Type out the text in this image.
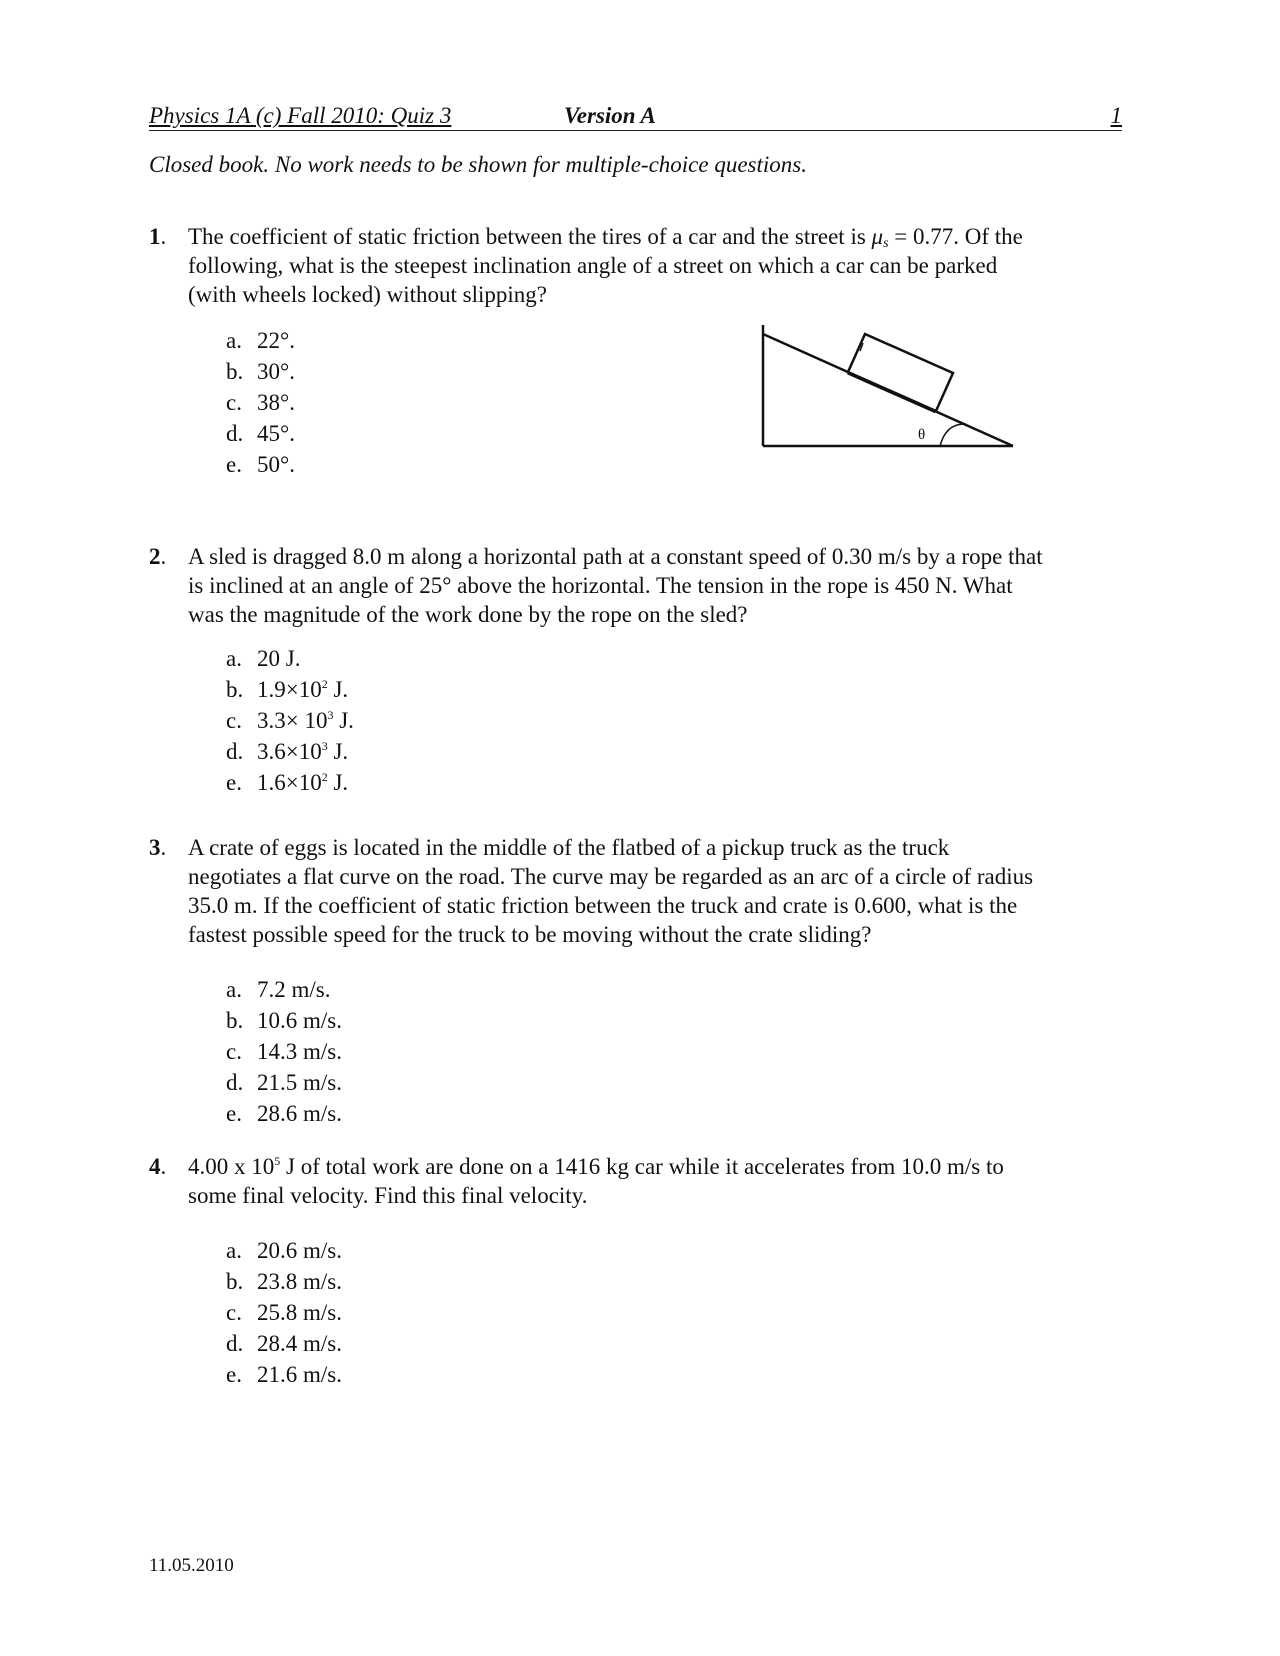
Physics 1A (c) Fall 2010: Quiz 3	Version A	1
Closed book. No work needs to be shown for multiple-choice questions.
1. The coefficient of static friction between the tires of a car and the street is $\mu_s = 0.77$. Of the
following, what is the steepest inclination angle of a street on which a car can be parked
(with wheels locked) without slipping?
a. 22°.
b. 30°.
c. 38°.
d. 45°.
e. 50°.
θ
2. A sled is dragged 8.0 m along a horizontal path at a constant speed of 0.30 m/s by a rope that
is inclined at an angle of 25° above the horizontal. The tension in the rope is 450 N. What
was the magnitude of the work done by the rope on the sled?
a. 20 J.
b. $1.9\times 10^2$ J.
c. $3.3\times 10^3$ J.
d. $3.6\times 10^3$ J.
e. $1.6\times 10^2$ J.
3. A crate of eggs is located in the middle of the flatbed of a pickup truck as the truck
negotiates a flat curve on the road. The curve may be regarded as an arc of a circle of radius
35.0 m. If the coefficient of static friction between the truck and crate is 0.600, what is the
fastest possible speed for the truck to be moving without the crate sliding?
a. 7.2 m/s.
b. 10.6 m/s.
c. 14.3 m/s.
d. 21.5 m/s.
e. 28.6 m/s.
4. 4.00 x $10^5$ J of total work are done on a 1416 kg car while it accelerates from 10.0 m/s to
some final velocity. Find this final velocity.
a. 20.6 m/s.
b. 23.8 m/s.
c. 25.8 m/s.
d. 28.4 m/s.
e. 21.6 m/s.
11.05.2010
